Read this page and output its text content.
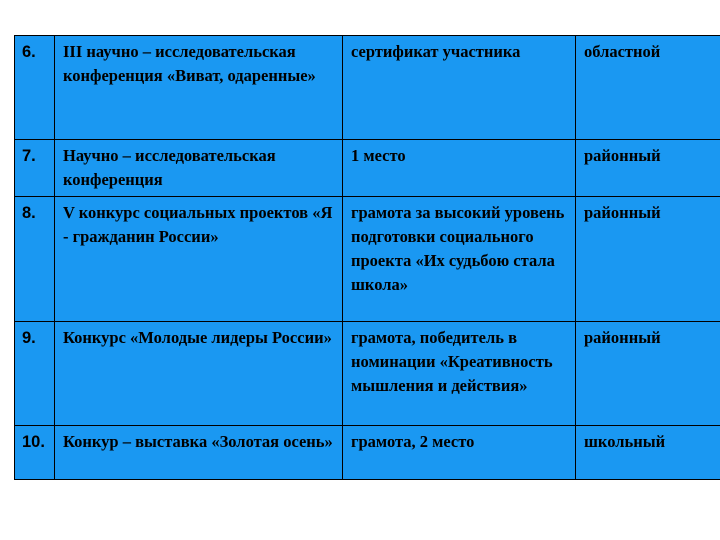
6.	III научно – исследовательская конференция «Виват, одаренные»	сертификат участника	областной
7.	Научно – исследовательская конференция	1 место	районный
8.	V конкурс социальных проектов «Я - гражданин России»	грамота за высокий уровень подготовки социального проекта «Их судьбою стала школа»	районный
9.	Конкурс «Молодые лидеры России»	грамота, победитель в номинации «Креативность мышления и действия»	районный
10.	Конкур – выставка «Золотая осень»	грамота, 2 место	школьный
